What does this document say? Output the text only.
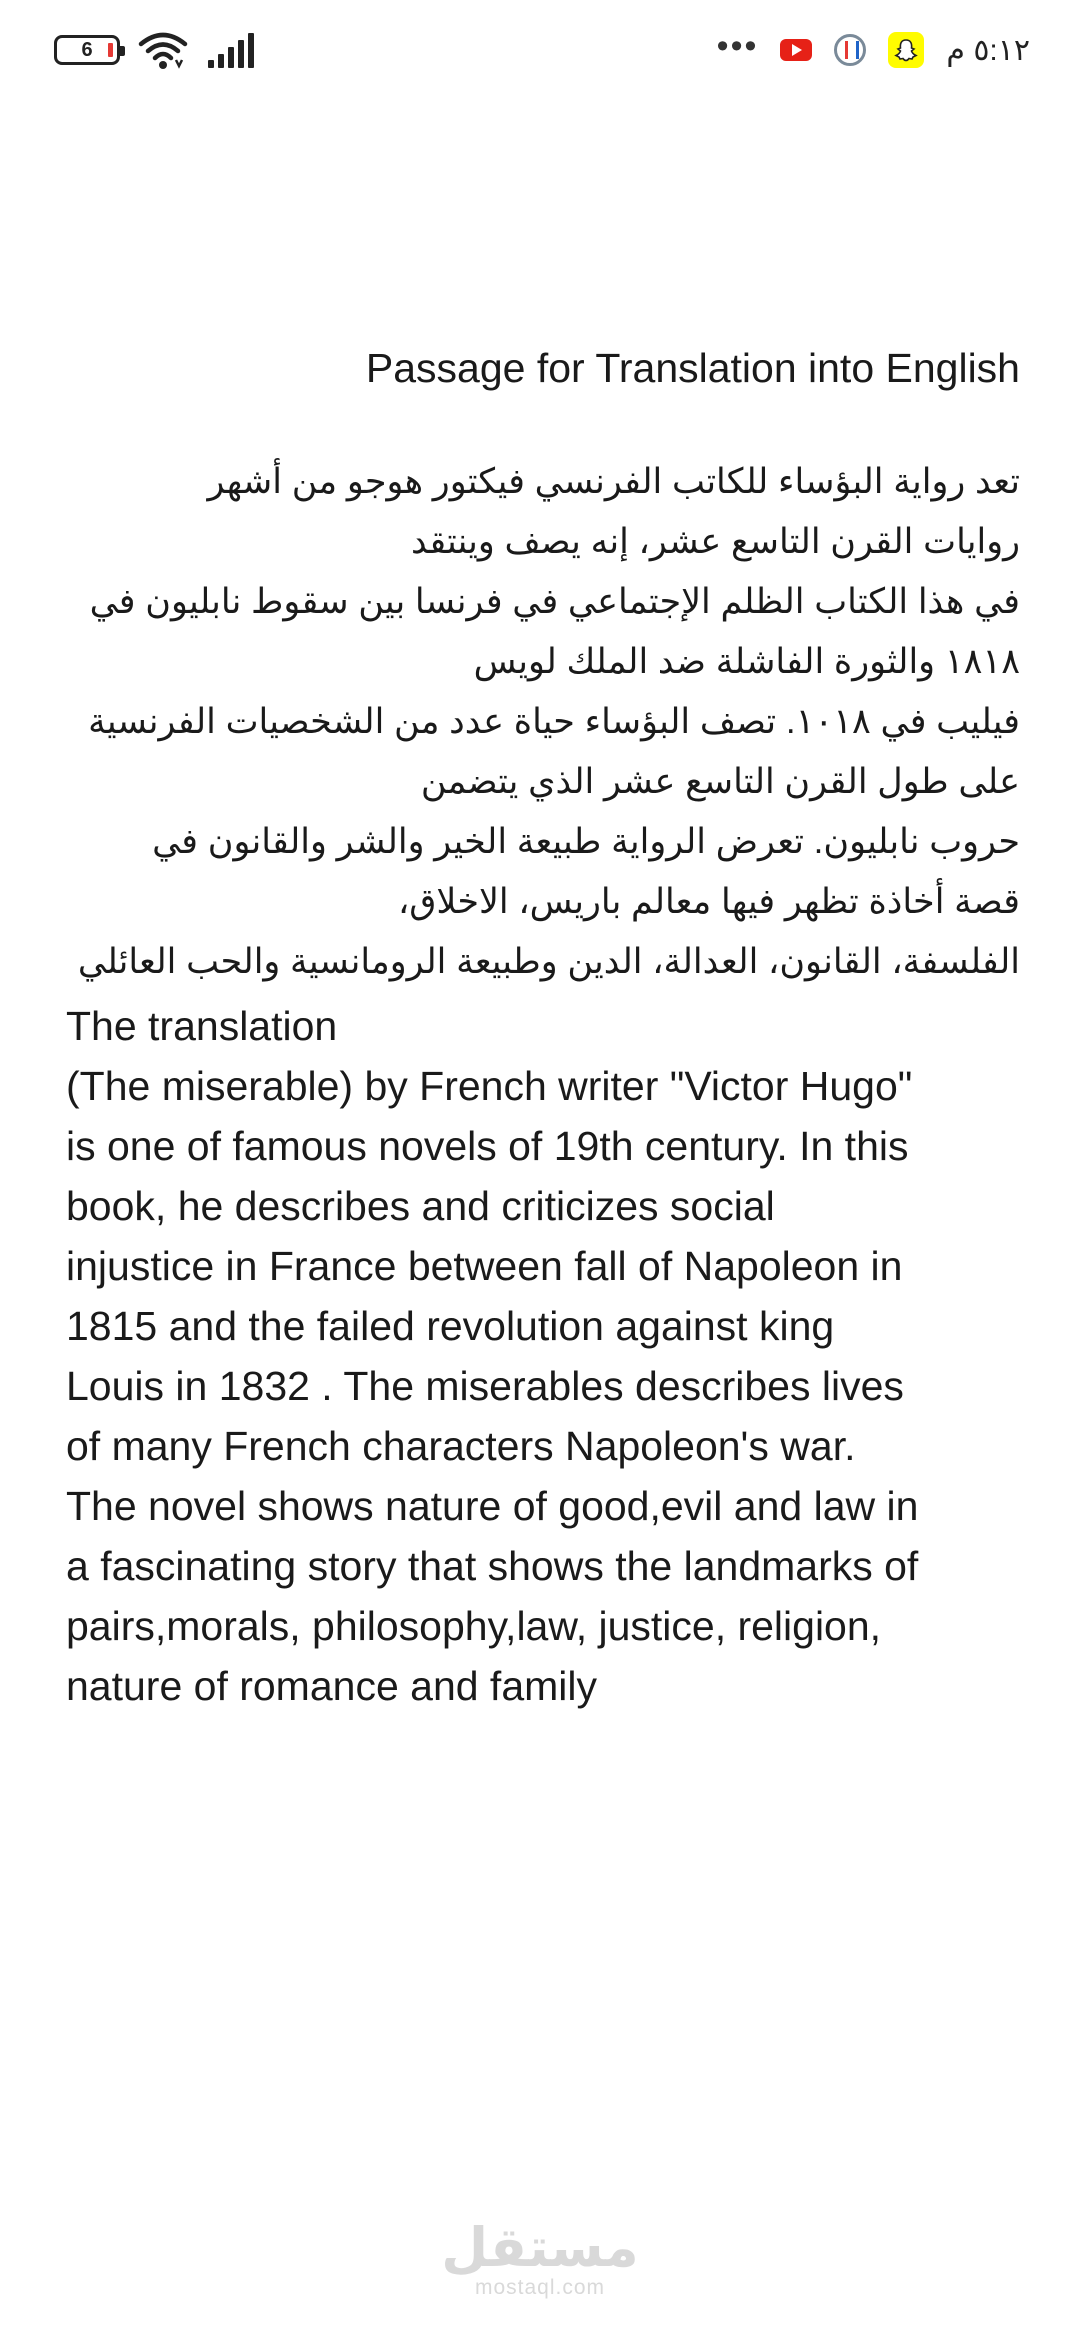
6	•••	٥:١٢ م
Passage for Translation into English
تعد رواية البؤساء للكاتب الفرنسي فيكتور هوجو من أشهر
روايات القرن التاسع عشر، إنه يصف وينتقد
في هذا الكتاب الظلم الإجتماعي في فرنسا بين سقوط نابليون في
١٨١٨ والثورة الفاشلة ضد الملك لويس
فيليب في ١٠١٨. تصف البؤساء حياة عدد من الشخصيات الفرنسية
على طول القرن التاسع عشر الذي يتضمن
حروب نابليون. تعرض الرواية طبيعة الخير والشر والقانون في
قصة أخاذة تظهر فيها معالم باريس، الاخلاق،
الفلسفة، القانون، العدالة، الدين وطبيعة الرومانسية والحب العائلي
The translation
(The miserable) by French writer "Victor Hugo"
is one of famous novels of 19th century. In this
book, he describes and criticizes social
injustice in France between fall of Napoleon in
1815 and the failed revolution against king
Louis in 1832 . The miserables describes lives
of many French characters Napoleon's war.
The novel shows nature of good,evil and law in
a fascinating story that shows the landmarks of
pairs,morals, philosophy,law, justice, religion,
nature of romance and family
مستقل
mostaql.com
